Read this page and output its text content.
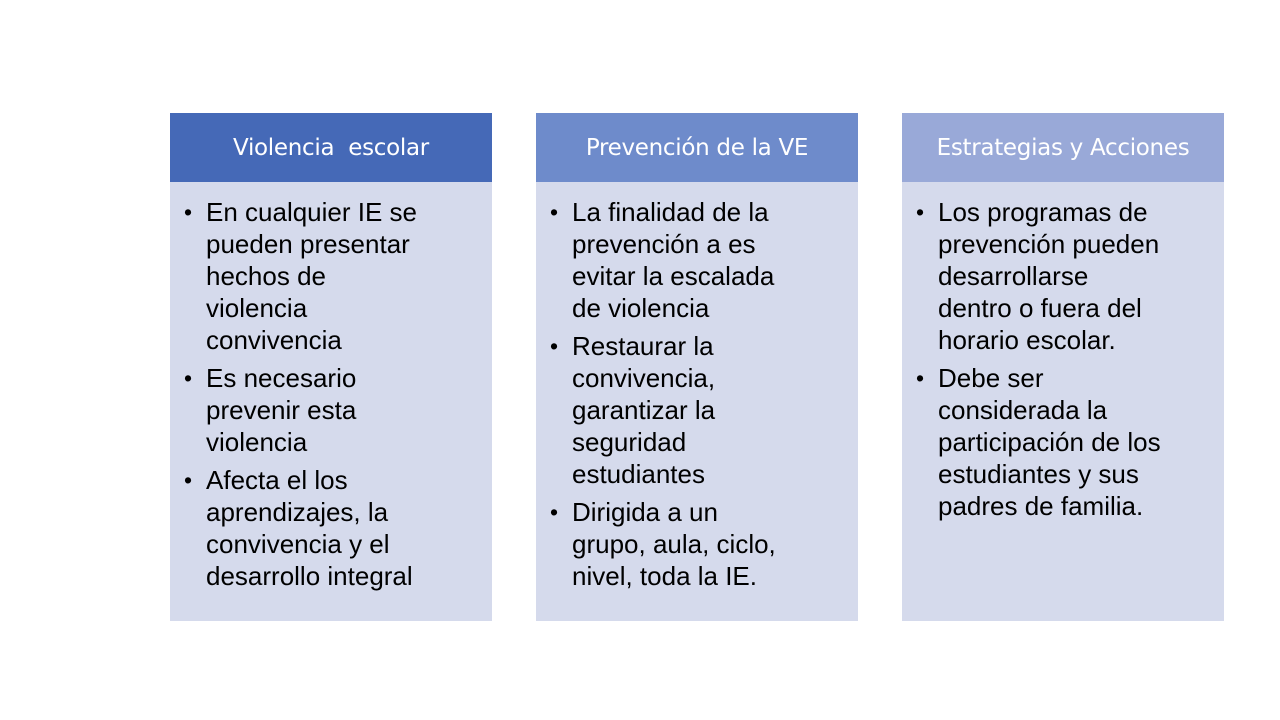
Violencia  escolar
• En cualquier IE se
pueden presentar
hechos de
violencia
convivencia
• Es necesario
prevenir esta
violencia
• Afecta el los
aprendizajes, la
convivencia y el
desarrollo integral
Prevención de la VE
• La finalidad de la
prevención a es
evitar la escalada
de violencia
• Restaurar la
convivencia,
garantizar la
seguridad
estudiantes
• Dirigida a un
grupo, aula, ciclo,
nivel, toda la IE.
Estrategias y Acciones
• Los programas de
prevención pueden
desarrollarse
dentro o fuera del
horario escolar.
• Debe ser
considerada la
participación de los
estudiantes y sus
padres de familia.
